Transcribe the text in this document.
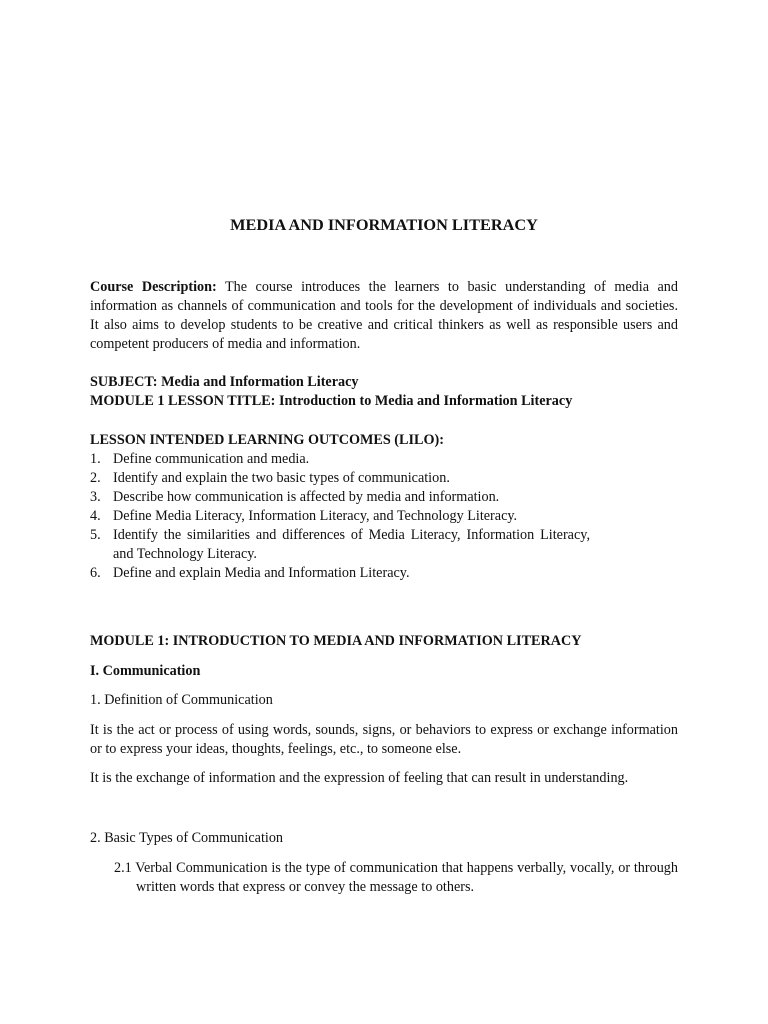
MEDIA AND INFORMATION LITERACY

Course Description: The course introduces the learners to basic understanding of media and information as channels of communication and tools for the development of individuals and societies. It also aims to develop students to be creative and critical thinkers as well as responsible users and competent producers of media and information.

SUBJECT: Media and Information Literacy
MODULE 1 LESSON TITLE: Introduction to Media and Information Literacy
LESSON INTENDED LEARNING OUTCOMES (LILO):
1. Define communication and media.
2. Identify and explain the two basic types of communication.
3. Describe how communication is affected by media and information.
4. Define Media Literacy, Information Literacy, and Technology Literacy.
5. Identify the similarities and differences of Media Literacy, Information Literacy, and Technology Literacy.
6. Define and explain Media and Information Literacy.
MODULE 1: INTRODUCTION TO MEDIA AND INFORMATION LITERACY
I. Communication
1. Definition of Communication

It is the act or process of using words, sounds, signs, or behaviors to express or exchange information or to express your ideas, thoughts, feelings, etc., to someone else.

It is the exchange of information and the expression of feeling that can result in understanding.

2. Basic Types of Communication

2.1 Verbal Communication is the type of communication that happens verbally, vocally, or through written words that express or convey the message to others.
